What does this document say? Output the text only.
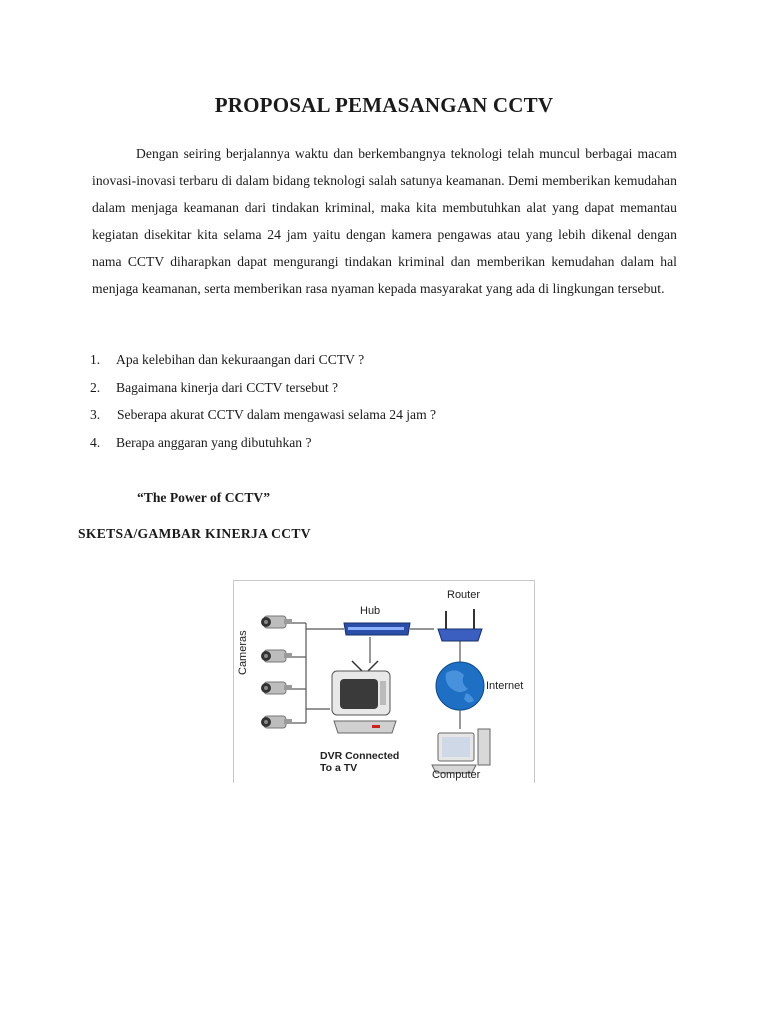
PROPOSAL PEMASANGAN CCTV

Dengan seiring berjalannya waktu dan berkembangnya teknologi telah muncul berbagai macam inovasi-inovasi terbaru di dalam bidang teknologi salah satunya keamanan. Demi memberikan kemudahan dalam menjaga keamanan dari tindakan kriminal, maka kita membutuhkan alat yang dapat memantau kegiatan disekitar kita selama 24 jam yaitu dengan kamera pengawas atau yang lebih dikenal dengan nama CCTV diharapkan dapat mengurangi tindakan kriminal dan memberikan kemudahan dalam hal menjaga keamanan, serta memberikan rasa nyaman kepada masyarakat yang ada di lingkungan tersebut.

1.	Apa kelebihan dan kekuraangan dari CCTV ?
2.	Bagaimana kinerja dari CCTV tersebut ?
3.	Seberapa akurat CCTV dalam mengawasi selama 24 jam ?
4.	Berapa anggaran yang dibutuhkan ?
“The Power of CCTV”
SKETSA/GAMBAR KINERJA CCTV
Cameras
Hub
Router
Internet
DVR Connected
To a TV
Computer
